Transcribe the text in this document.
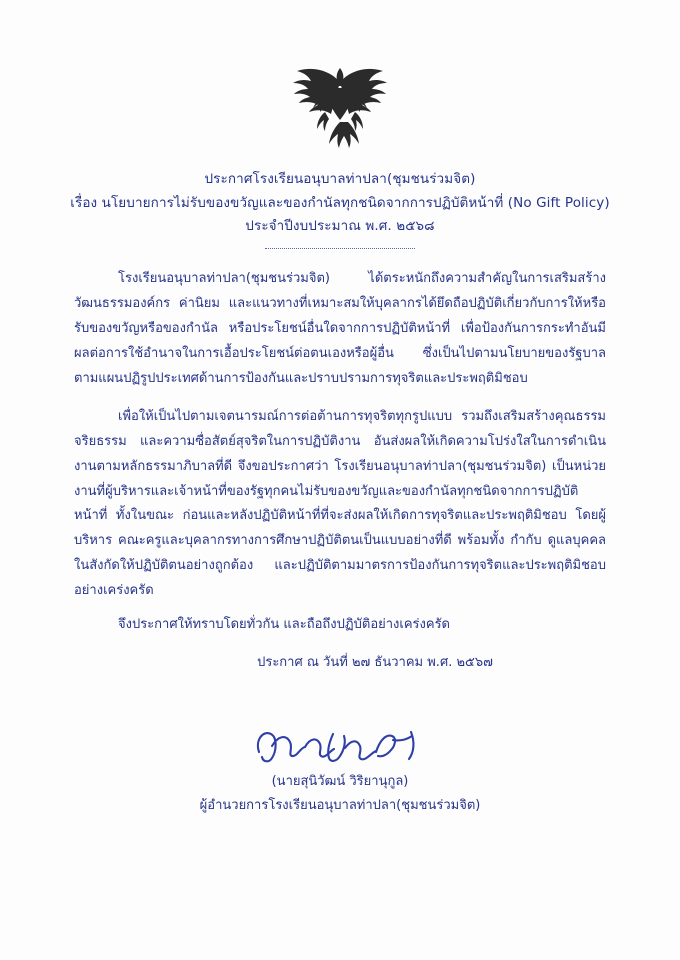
ประกาศโรงเรียนอนุบาลท่าปลา(ชุมชนร่วมจิต)
เรื่อง นโยบายการไม่รับของขวัญและของกำนัลทุกชนิดจากการปฏิบัติหน้าที่ (No Gift Policy)
ประจำปีงบประมาณ พ.ศ. ๒๕๖๘

โรงเรียนอนุบาลท่าปลา(ชุมชนร่วมจิต) ได้ตระหนักถึงความสำคัญในการเสริมสร้างวัฒนธรรมองค์กร ค่านิยม และแนวทางที่เหมาะสมให้บุคลากรได้ยึดถือปฏิบัติเกี่ยวกับการให้หรือรับของขวัญหรือของกำนัล หรือประโยชน์อื่นใดจากการปฏิบัติหน้าที่ เพื่อป้องกันการกระทำอันมีผลต่อการใช้อำนาจในการเอื้อประโยชน์ต่อตนเองหรือผู้อื่น ซึ่งเป็นไปตามนโยบายของรัฐบาล ตามแผนปฏิรูปประเทศด้านการป้องกันและปราบปรามการทุจริตและประพฤติมิชอบ

เพื่อให้เป็นไปตามเจตนารมณ์การต่อต้านการทุจริตทุกรูปแบบ รวมถึงเสริมสร้างคุณธรรมจริยธรรม และความซื่อสัตย์สุจริตในการปฏิบัติงาน อันส่งผลให้เกิดความโปร่งใสในการดำเนินงานตามหลักธรรมาภิบาลที่ดี จึงขอประกาศว่า โรงเรียนอนุบาลท่าปลา(ชุมชนร่วมจิต) เป็นหน่วยงานที่ผู้บริหารและเจ้าหน้าที่ของรัฐทุกคนไม่รับของขวัญและของกำนัลทุกชนิดจากการปฏิบัติหน้าที่ ทั้งในขณะ ก่อนและหลังปฏิบัติหน้าที่ที่จะส่งผลให้เกิดการทุจริตและประพฤติมิชอบ โดยผู้บริหาร คณะครูและบุคลากรทางการศึกษาปฏิบัติตนเป็นแบบอย่างที่ดี พร้อมทั้ง กำกับ ดูแลบุคคลในสังกัดให้ปฏิบัติตนอย่างถูกต้อง และปฏิบัติตามมาตรการป้องกันการทุจริตและประพฤติมิชอบอย่างเคร่งครัด

จึงประกาศให้ทราบโดยทั่วกัน และถือถึงปฏิบัติอย่างเคร่งครัด

ประกาศ ณ วันที่ ๒๗ ธันวาคม พ.ศ. ๒๕๖๗

(นายสุนิวัฒน์ วิริยานุกูล)
ผู้อำนวยการโรงเรียนอนุบาลท่าปลา(ชุมชนร่วมจิต)
